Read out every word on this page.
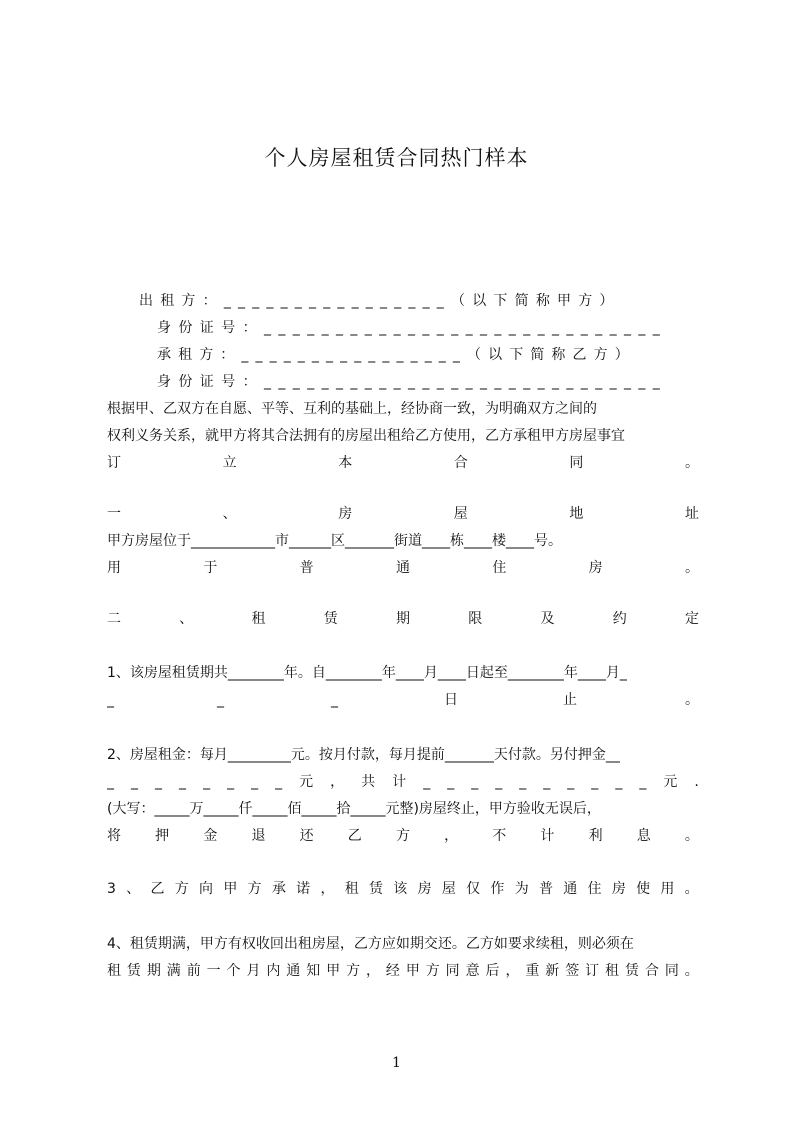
个人房屋租赁合同热门样本
出租方：________________（以下简称甲方）
身份证号：____________________________
承租方：________________（以下简称乙方）
身份证号：____________________________
根据甲、乙双方在自愿、平等、互利的基础上，经协商一致，为明确双方之间的
权利义务关系，就甲方将其合法拥有的房屋出租给乙方使用，乙方承租甲方房屋事宜
订	立	本	合	同	。
一	、	房	屋	地	址
甲方房屋位于____________市______区_______街道____栋____楼____号。
用	于	普	通	住	房	。
二	、	租	赁	期	限	及	约	定
1、该房屋租赁期共________年。自________年____月____日起至________年____月_
_	_	_	日	止	。
2、房屋租金：每月_________元。按月付款，每月提前_______天付款。另付押金__
_ _ _ _ _ _ _ _ 元 ， 共 计 _ _ _ _ _ _ _ _ _ _ 元 .
(大写：_____万_____仟_____佰_____拾_____元整)房屋终止，甲方验收无误后，
将 押 金 退 还 乙 方 ， 不 计 利 息 。
3 、 乙 方 向 甲 方 承 诺 ， 租 赁 该 房 屋 仅 作 为 普 通 住 房 使 用 。
4、租赁期满，甲方有权收回出租房屋，乙方应如期交还。乙方如要求续租，则必须在
租 赁 期 满 前 一 个 月 内 通 知 甲 方 ， 经 甲 方 同 意 后 ， 重 新 签 订 租 赁 合 同 。
1
